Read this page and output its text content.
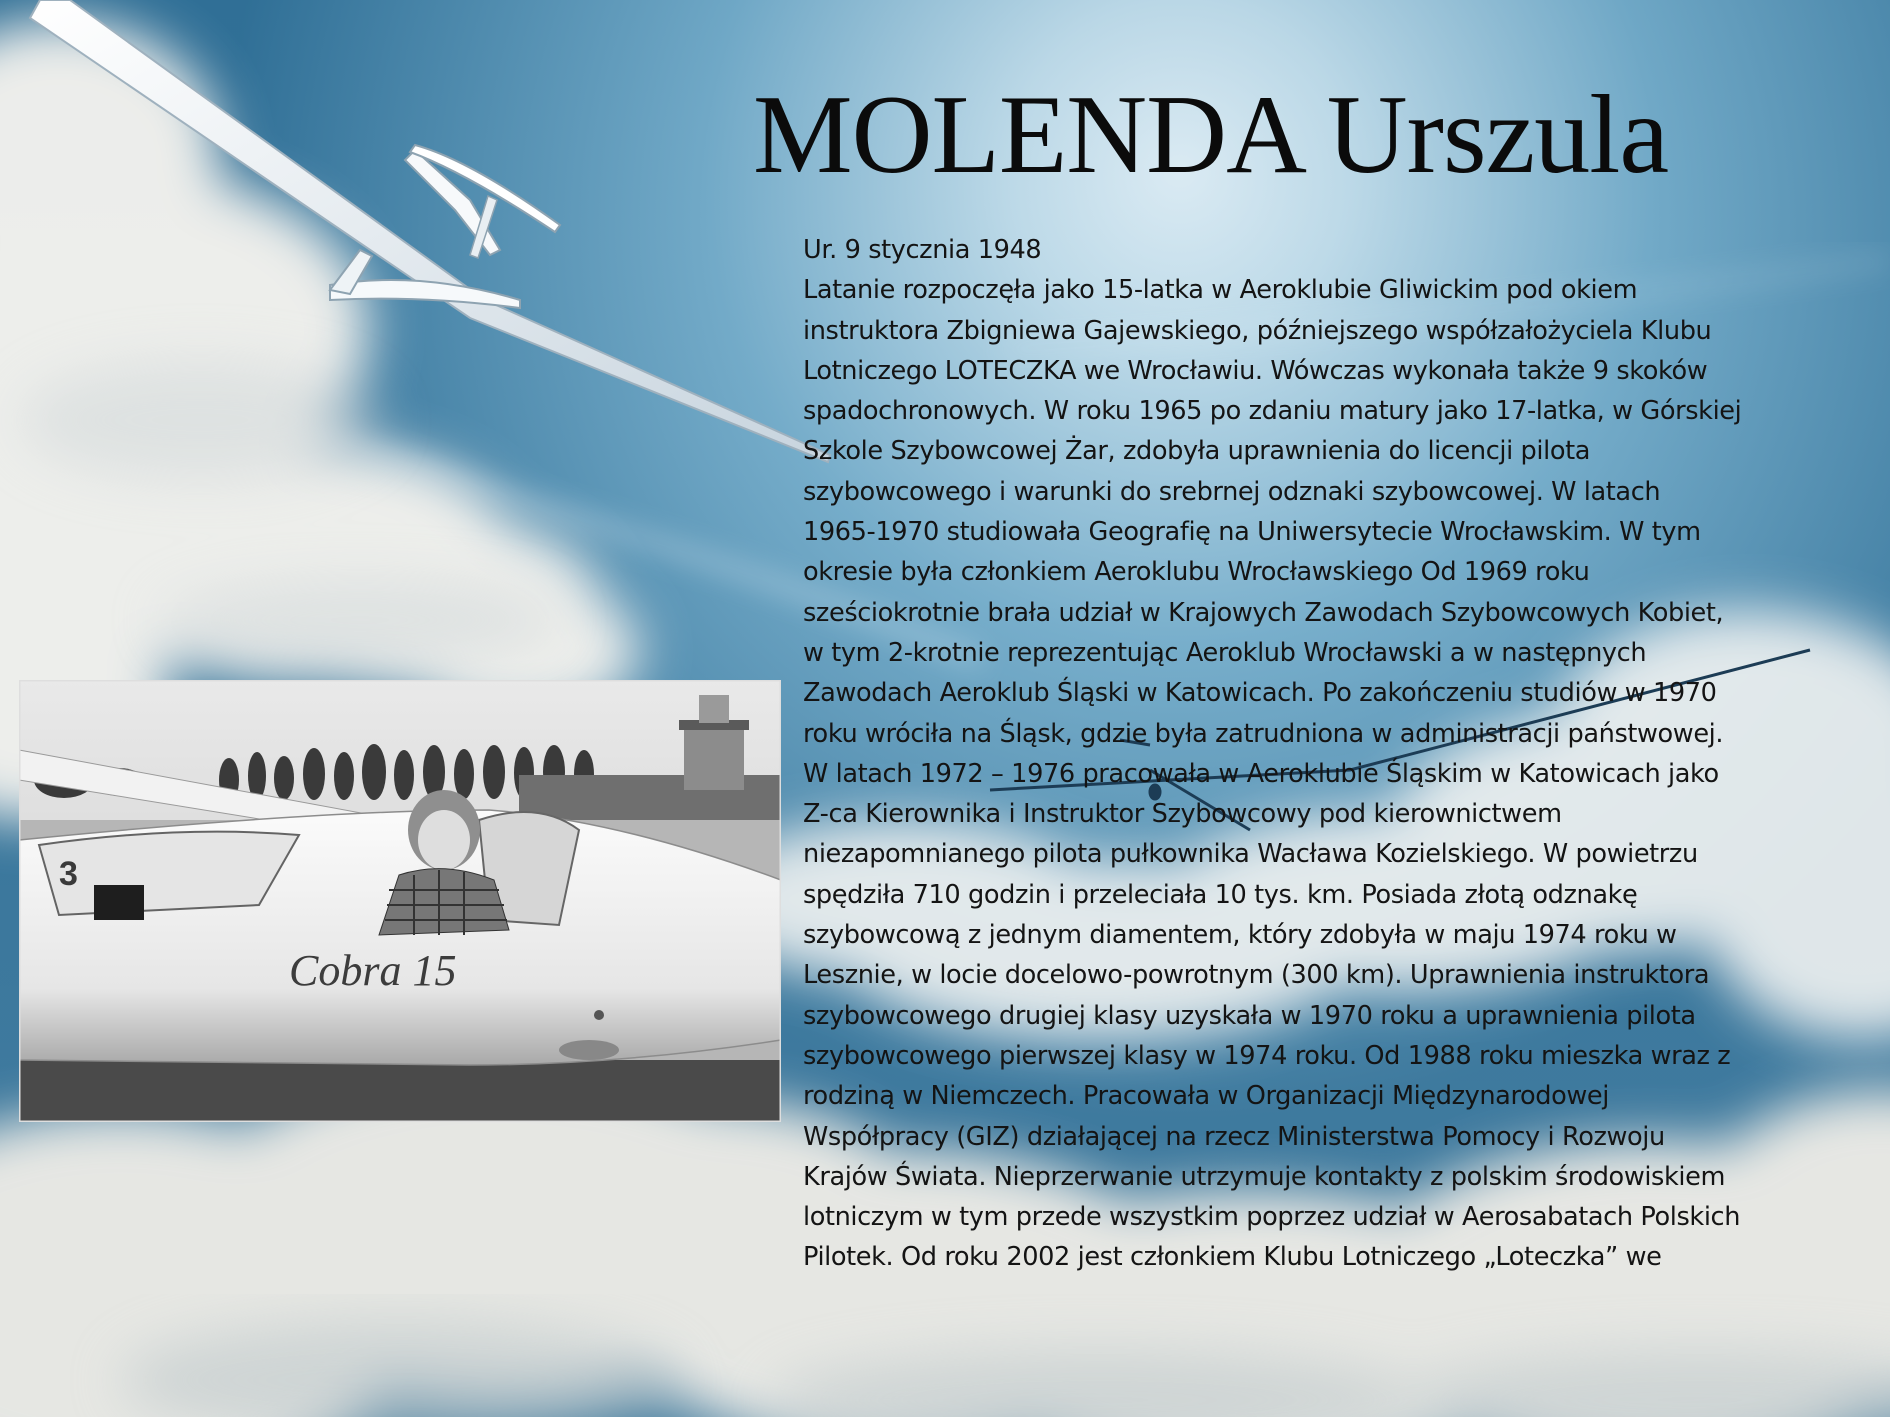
MOLENDA Urszula
Ur. 9 stycznia 1948
Latanie rozpoczęła jako 15-latka w Aeroklubie Gliwickim pod okiem
instruktora Zbigniewa Gajewskiego, późniejszego współzałożyciela Klubu
Lotniczego LOTECZKA we Wrocławiu. Wówczas wykonała także 9 skoków
spadochronowych. W roku 1965 po zdaniu matury jako 17-latka, w Górskiej
Szkole Szybowcowej Żar, zdobyła uprawnienia do licencji pilota
szybowcowego i warunki do srebrnej odznaki szybowcowej. W latach
1965-1970 studiowała Geografię na Uniwersytecie Wrocławskim. W tym
okresie była członkiem Aeroklubu Wrocławskiego Od 1969 roku
sześciokrotnie brała udział w Krajowych Zawodach Szybowcowych Kobiet,
w tym 2-krotnie reprezentując Aeroklub Wrocławski a w następnych
Zawodach Aeroklub Śląski w Katowicach. Po zakończeniu studiów w 1970
roku wróciła na Śląsk, gdzie była zatrudniona w administracji państwowej.
W latach 1972 – 1976 pracowała w Aeroklubie Śląskim w Katowicach jako
Z-ca Kierownika i Instruktor Szybowcowy pod kierownictwem
niezapomnianego pilota pułkownika Wacława Kozielskiego. W powietrzu
spędziła 710 godzin i przeleciała 10 tys. km. Posiada złotą odznakę
szybowcową z jednym diamentem, który zdobyła w maju 1974 roku w
Lesznie, w locie docelowo-powrotnym (300 km). Uprawnienia instruktora
szybowcowego drugiej klasy uzyskała w 1970 roku a uprawnienia pilota
szybowcowego pierwszej klasy w 1974 roku. Od 1988 roku mieszka wraz z
rodziną w Niemczech. Pracowała w Organizacji Międzynarodowej
Współpracy (GIZ) działającej na rzecz Ministerstwa Pomocy i Rozwoju
Krajów Świata. Nieprzerwanie utrzymuje kontakty z polskim środowiskiem
lotniczym w tym przede wszystkim poprzez udział w Aerosabatach Polskich
Pilotek. Od roku 2002 jest członkiem Klubu Lotniczego „Loteczka” we
3
Cobra 15
